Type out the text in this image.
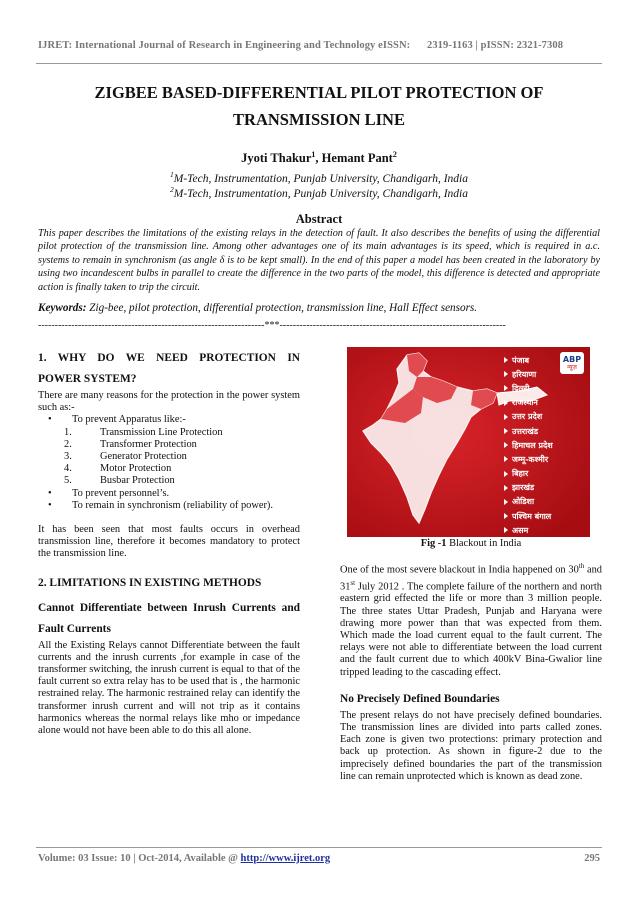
IJRET: International Journal of Research in Engineering and Technology eISSN: 2319-1163 | pISSN: 2321-7308
ZIGBEE BASED-DIFFERENTIAL PILOT PROTECTION OF
TRANSMISSION LINE
Jyoti Thakur$^1$, Hemant Pant$^2$
$^1$M-Tech, Instrumentation, Punjab University, Chandigarh, India
$^2$M-Tech, Instrumentation, Punjab University, Chandigarh, India
Abstract
This paper describes the limitations of the existing relays in the detection of fault. It also describes the benefits of using the differential pilot protection of the transmission line. Among other advantages one of its main advantages is its speed, which is required in a.c. systems to remain in synchronism (as angle δ is to be kept small). In the end of this paper a model has been created in the laboratory by using two incandescent bulbs in parallel to create the difference in the two parts of the model, this difference is detected and appropriate action is finally taken to trip the circuit.
Keywords: Zig-bee, pilot protection, differential protection, transmission line, Hall Effect sensors.
--------------------------------------------------------------------***--------------------------------------------------------------------
1. WHY DO WE NEED PROTECTION IN
POWER SYSTEM?

There are many reasons for the protection in the power system such as:-

• To prevent Apparatus like:-
1.	Transmission Line Protection
2.	Transformer Protection
3.	Generator Protection
4.	Motor Protection
5.	Busbar Protection
• To prevent personnel’s.
• To remain in synchronism (reliability of power).

It has been seen that most faults occurs in overhead transmission line, therefore it becomes mandatory to protect the transmission line.

2. LIMITATIONS IN EXISTING METHODS
Cannot Differentiate between Inrush Currents and
Fault Currents

All the Existing Relays cannot Differentiate between the fault currents and the inrush currents ,for example in case of the transformer switching, the inrush current is equal to that of the fault current so extra relay has to be used that is , the harmonic restrained relay. The harmonic restrained relay can identify the transformer inrush current and will not trip as it contains harmonics whereas the normal relays like mho or impedance alone would not have been able to do this all alone.

ABP
न्यूज़
पंजाब
हरियाणा
दिल्ली
राजस्थान
उत्तर प्रदेश
उत्तराखंड
हिमाचल प्रदेश
जम्मू-कश्मीर
बिहार
झारखंड
ओडिशा
पश्चिम बंगाल
असम
Fig -1 Blackout in India

One of the most severe blackout in India happened on 30th and 31st July 2012 . The complete failure of the northern and north eastern grid effected the life or more than 3 million people. The three states Uttar Pradesh, Punjab and Haryana were drawing more power than that was expected from them. Which made the load current equal to the fault current. The relays were not able to differentiate between the load current and the fault current due to which 400kV Bina-Gwalior line tripped leading to the cascading effect.

No Precisely Defined Boundaries

The present relays do not have precisely defined boundaries. The transmission lines are divided into parts called zones. Each zone is given two protections: primary protection and back up protection. As shown in figure-2 due to the imprecisely defined boundaries the part of the transmission line can remain unprotected which is known as dead zone.

Volume: 03 Issue: 10 | Oct-2014, Available @ http://www.ijret.org	295
